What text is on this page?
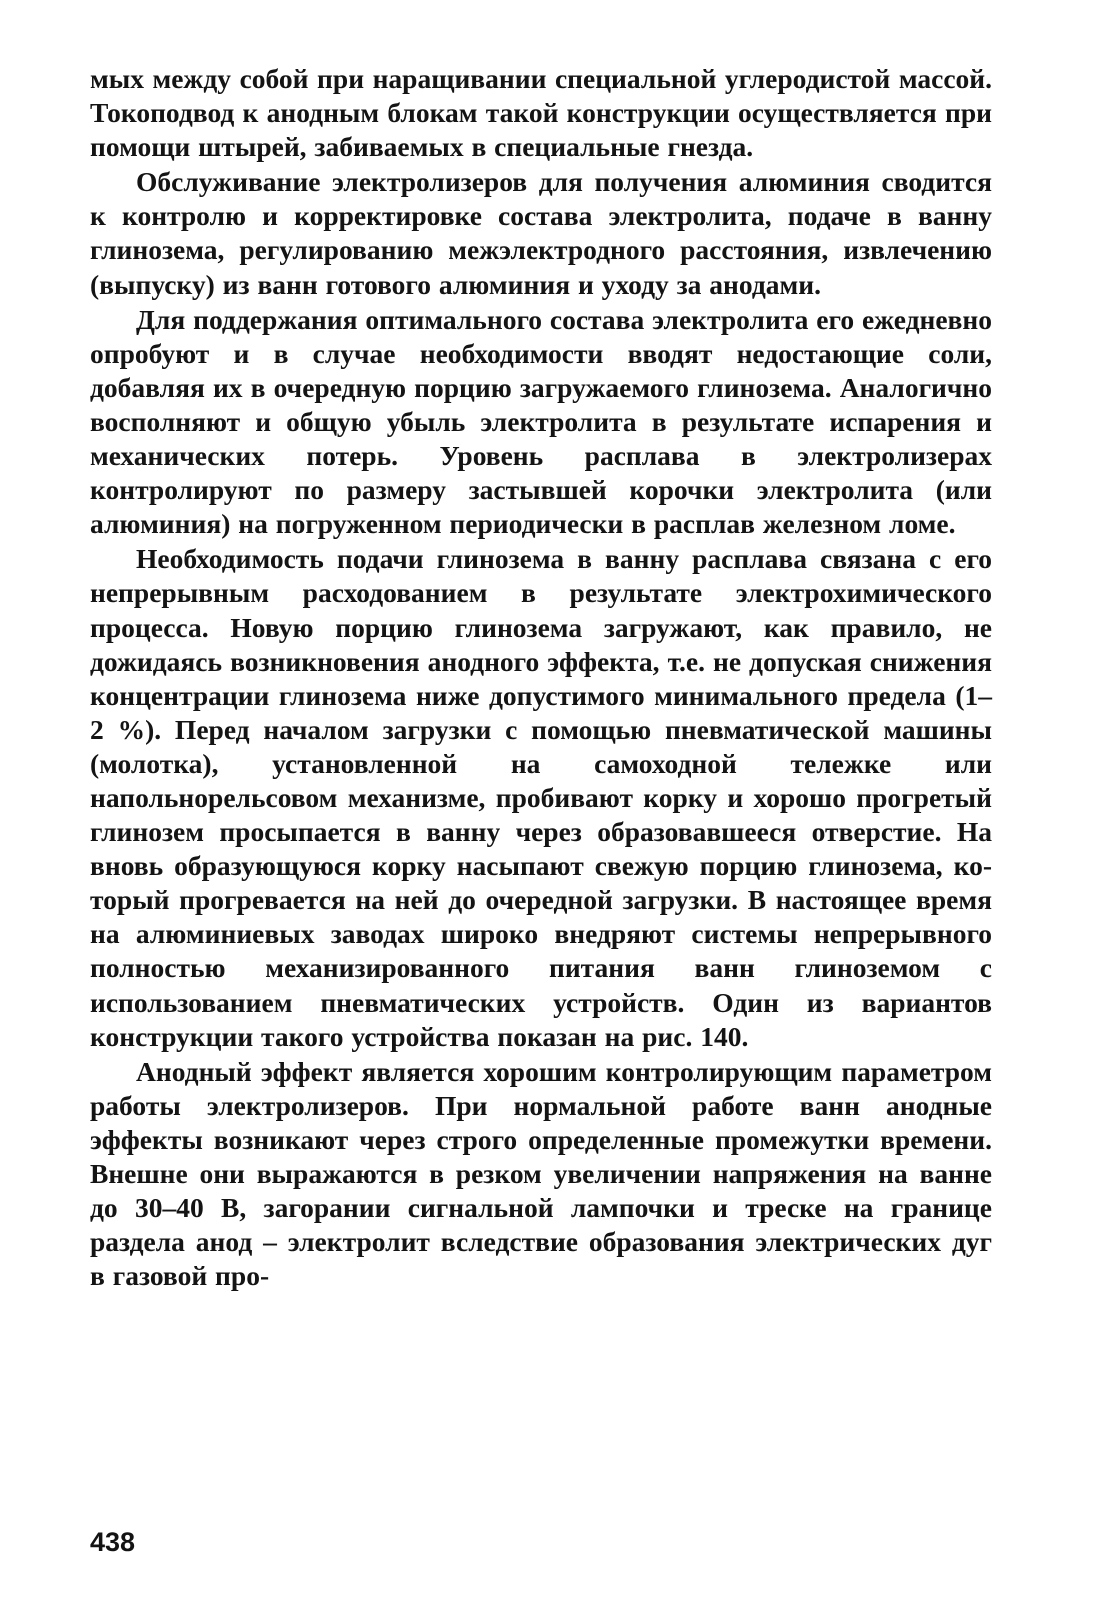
мых между собой при наращивании специальной углеродистой массой. Токоподвод к анодным блокам такой конструкции осуществляется при помощи штырей, забиваемых в специальные гнезда.

Обслуживание электролизеров для получения алюминия сводится к контролю и корректировке состава электролита, подаче в ванну глинозема, регулированию межэлектродного расстояния, извлечению (выпуску) из ванн готового алюминия и уходу за анодами.

Для поддержания оптимального состава электролита его ежедневно опробуют и в случае необходимости вводят недостающие соли, добавляя их в очередную порцию загружаемого глинозема. Аналогично восполняют и общую убыль электролита в результате испарения и механических потерь. Уровень расплава в электролизерах контролируют по размеру застывшей корочки электролита (или алюминия) на погруженном периодически в расплав железном ломе.

Необходимость подачи глинозема в ванну расплава связана с его непрерывным расходованием в результате электрохимического процесса. Новую порцию глинозема загружают, как правило, не дожидаясь возникновения анодного эффекта, т.е. не допуская снижения концентрации глинозема ниже допустимого минимального предела (1–2 %). Перед началом загрузки с помощью пневматической машины (молотка), установленной на самоходной тележке или напольнорельсовом механизме, пробивают корку и хорошо прогретый глинозем просыпается в ванну через образовавшееся отверстие. На вновь образующуюся корку насыпают свежую порцию глинозема, который прогревается на ней до очередной загрузки. В настоящее время на алюминиевых заводах широко внедряют системы непрерывного полностью механизированного питания ванн глиноземом с использованием пневматических устройств. Один из вариантов конструкции такого устройства показан на рис. 140.

Анодный эффект является хорошим контролирующим параметром работы электролизеров. При нормальной работе ванн анодные эффекты возникают через строго определенные промежутки времени. Внешне они выражаются в резком увеличении напряжения на ванне до 30–40 В, загорании сигнальной лампочки и треске на границе раздела анод – электролит вследствие образования электрических дуг в газовой про-

438
